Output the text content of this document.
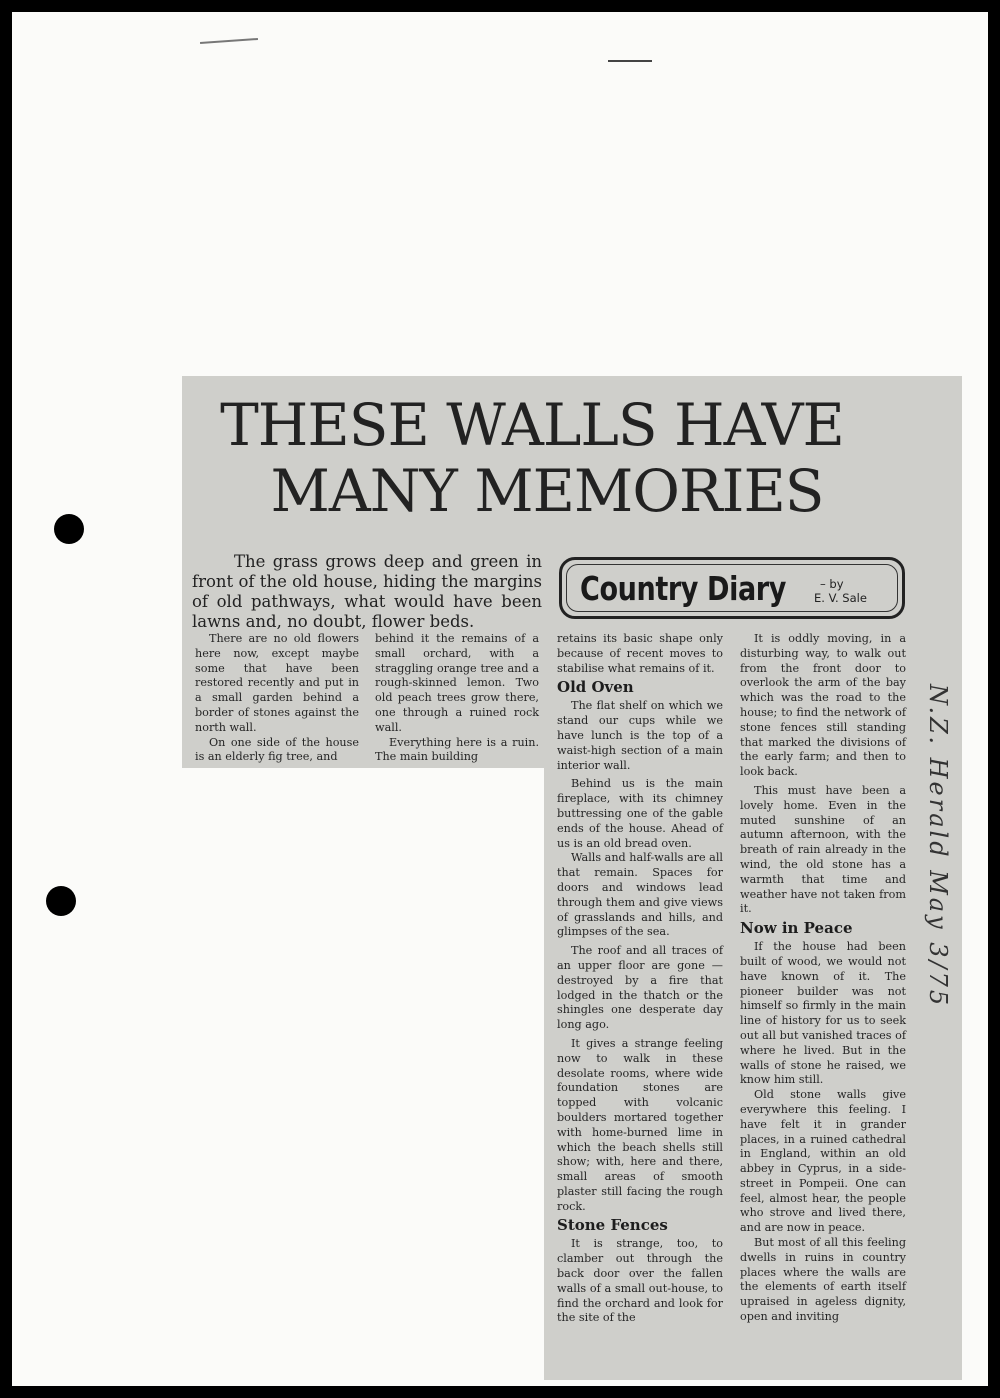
THESE WALLS HAVE
MANY MEMORIES
The grass grows deep and green in front of the old house, hiding the margins of old pathways, what would have been lawns and, no doubt, flower beds.
Country Diary	– by
E. V. Sale

There are no old flowers here now, except maybe some that have been restored recently and put in a small garden behind a border of stones against the north wall.

On one side of the house is an elderly fig tree, and

behind it the remains of a small orchard, with a straggling orange tree and a rough-skinned lemon. Two old peach trees grow there, one through a ruined rock wall.

Everything here is a ruin. The main building

retains its basic shape only because of recent moves to stabilise what remains of it.

Old Oven

The flat shelf on which we stand our cups while we have lunch is the top of a waist-high section of a main interior wall.

Behind us is the main fireplace, with its chimney buttressing one of the gable ends of the house. Ahead of us is an old bread oven.

Walls and half-walls are all that remain. Spaces for doors and windows lead through them and give views of grasslands and hills, and glimpses of the sea.

The roof and all traces of an upper floor are gone — destroyed by a fire that lodged in the thatch or the shingles one desperate day long ago.

It gives a strange feeling now to walk in these desolate rooms, where wide foundation stones are topped with volcanic boulders mortared together with home-burned lime in which the beach shells still show; with, here and there, small areas of smooth plaster still facing the rough rock.

Stone Fences

It is strange, too, to clamber out through the back door over the fallen walls of a small out-house, to find the orchard and look for the site of the

It is oddly moving, in a disturbing way, to walk out from the front door to overlook the arm of the bay which was the road to the house; to find the network of stone fences still standing that marked the divisions of the early farm; and then to look back.

This must have been a lovely home. Even in the muted sunshine of an autumn afternoon, with the breath of rain already in the wind, the old stone has a warmth that time and weather have not taken from it.

Now in Peace

If the house had been built of wood, we would not have known of it. The pioneer builder was not himself so firmly in the main line of history for us to seek out all but vanished traces of where he lived. But in the walls of stone he raised, we know him still.

Old stone walls give everywhere this feeling. I have felt it in grander places, in a ruined cathedral in England, within an old abbey in Cyprus, in a side-street in Pompeii. One can feel, almost hear, the people who strove and lived there, and are now in peace.

But most of all this feeling dwells in ruins in country places where the walls are the elements of earth itself upraised in ageless dignity, open and inviting

N.Z. Herald May 3/75
